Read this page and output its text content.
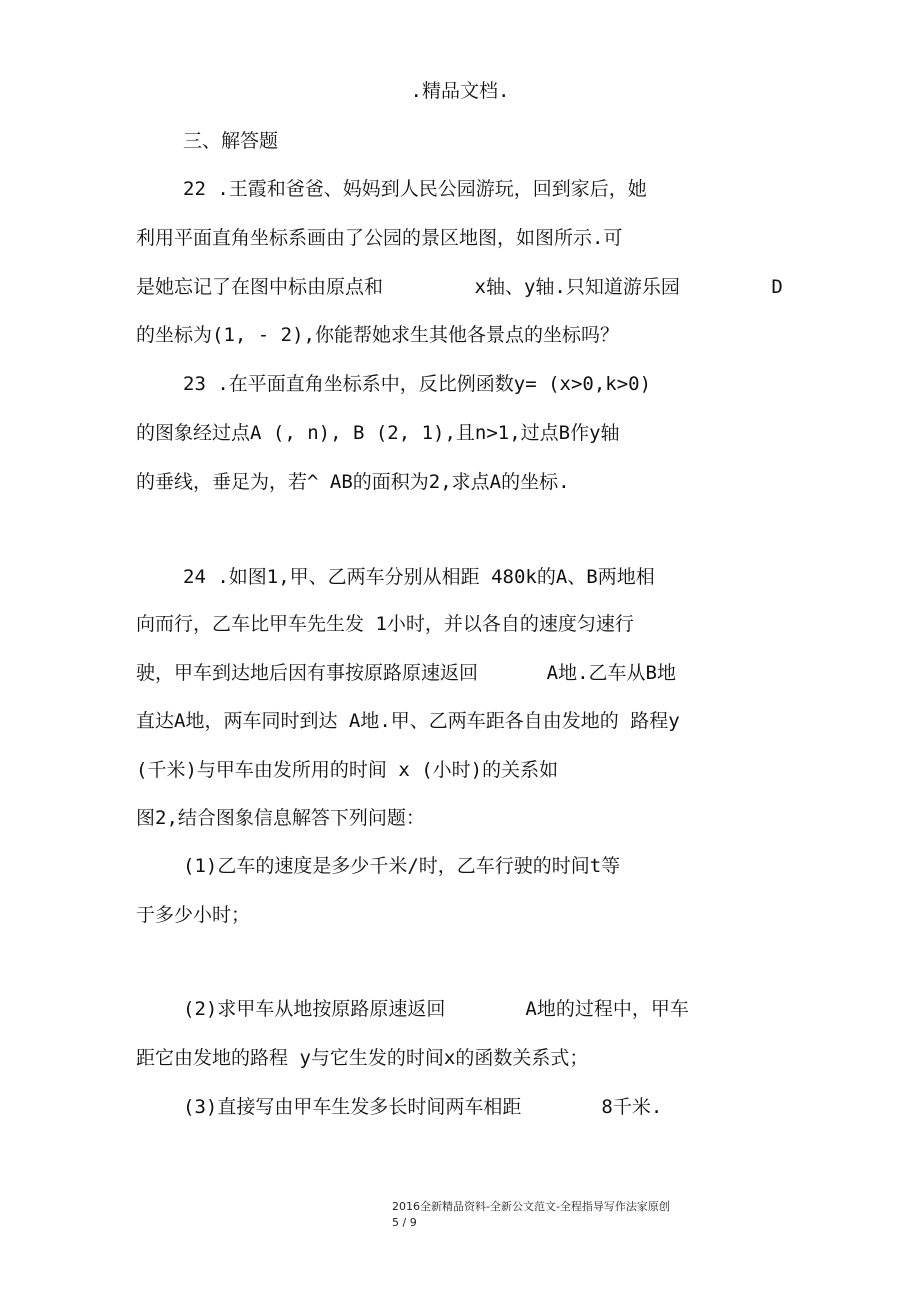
.精品文档.
三、解答题
22 .王霞和爸爸、妈妈到人民公园游玩，回到家后，她
利用平面直角坐标系画由了公园的景区地图，如图所示.可
是她忘记了在图中标由原点和        x轴、y轴.只知道游乐园        D
的坐标为(1, - 2),你能帮她求生其他各景点的坐标吗？
23 .在平面直角坐标系中，反比例函数y= (x>0,k>0)
的图象经过点A (, n), B (2, 1),且n>1,过点B作y轴
的垂线，垂足为，若^ AB的面积为2,求点A的坐标.
24 .如图1,甲、乙两车分别从相距 480k的A、B两地相
向而行，乙车比甲车先生发 1小时，并以各自的速度匀速行
驶，甲车到达地后因有事按原路原速返回      A地.乙车从B地
直达A地，两车同时到达 A地.甲、乙两车距各自由发地的 路程y
(千米)与甲车由发所用的时间 x (小时)的关系如
图2,结合图象信息解答下列问题：
(1)乙车的速度是多少千米/时，乙车行驶的时间t等
于多少小时；
(2)求甲车从地按原路原速返回       A地的过程中，甲车
距它由发地的路程 y与它生发的时间x的函数关系式；
(3)直接写由甲车生发多长时间两车相距       8千米.
2016全新精品资料-全新公文范文-全程指导写作法家原创
5 / 9
